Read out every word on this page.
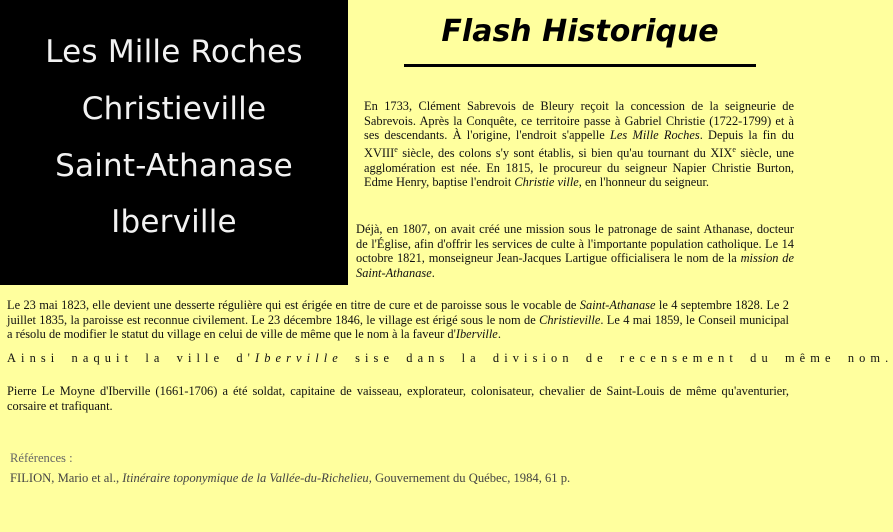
Les Mille Roches
Christieville
Saint-Athanase
Iberville
Flash Historique
En 1733, Clément Sabrevois de Bleury reçoit la concession de la seigneurie de Sabrevois. Après la Conquête, ce territoire passe à Gabriel Christie (1722-1799) et à ses descendants. À l'origine, l'endroit s'appelle Les Mille Roches. Depuis la fin du XVIIIe siècle, des colons s'y sont établis, si bien qu'au tournant du XIXe siècle, une agglomération est née. En 1815, le procureur du seigneur Napier Christie Burton, Edme Henry, baptise l'endroit Christie ville, en l'honneur du seigneur.
Déjà, en 1807, on avait créé une mission sous le patronage de saint Athanase, docteur de l'Église, afin d'offrir les services de culte à l'importante population catholique. Le 14 octobre 1821, monseigneur Jean-Jacques Lartigue officialisera le nom de la mission de Saint-Athanase.
Le 23 mai 1823, elle devient une desserte régulière qui est érigée en titre de cure et de paroisse sous le vocable de Saint-Athanase le 4 septembre 1828. Le 2 juillet 1835, la paroisse est reconnue civilement. Le 23 décembre 1846, le village est érigé sous le nom de Christieville. Le 4 mai 1859, le Conseil municipal a résolu de modifier le statut du village en celui de ville de même que le nom à la faveur d'Iberville.
Ainsi naquit la ville d'Iberville sise dans la division de recensement du même nom.
Pierre Le Moyne d'Iberville (1661-1706) a été soldat, capitaine de vaisseau, explorateur, colonisateur, chevalier de Saint-Louis de même qu'aventurier, corsaire et trafiquant.
Références :
FILION, Mario et al., Itinéraire toponymique de la Vallée-du-Richelieu, Gouvernement du Québec, 1984, 61 p.
